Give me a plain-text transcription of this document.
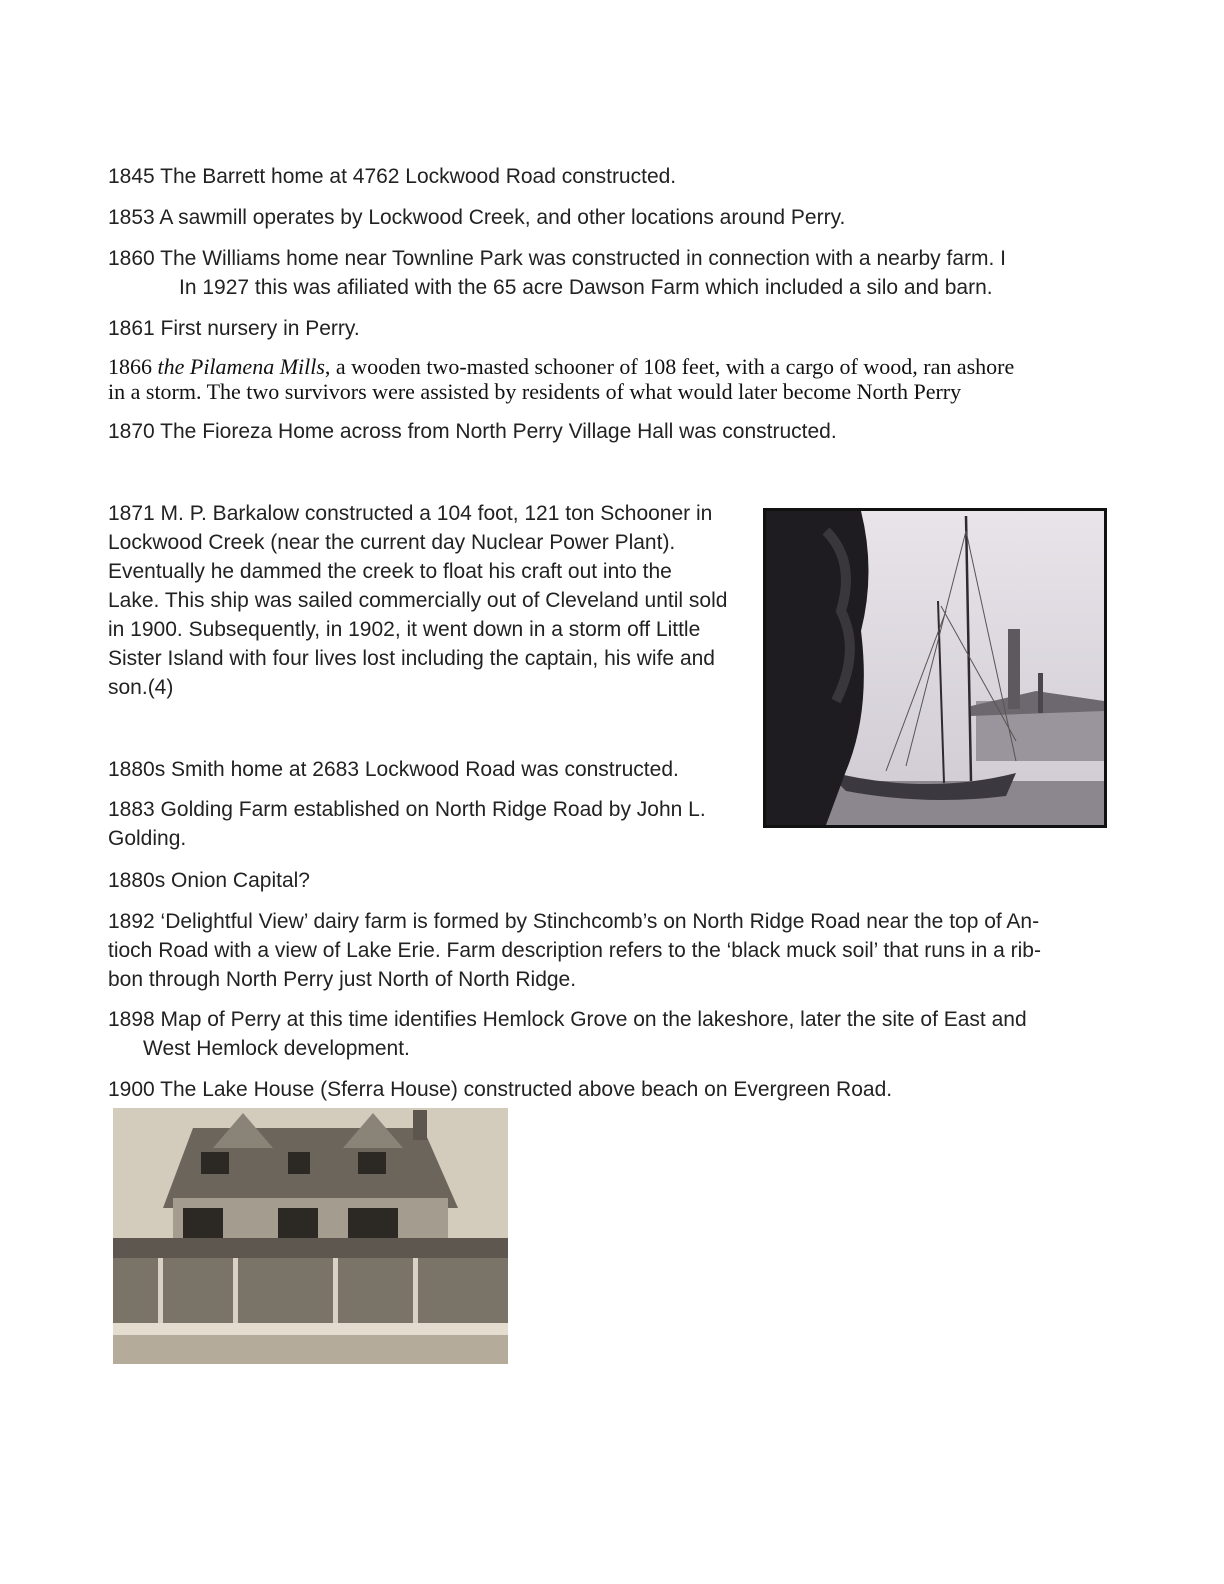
1845 The Barrett home at 4762 Lockwood Road constructed.

1853 A sawmill operates by Lockwood Creek, and other locations around Perry.

1860 The Williams home near Townline Park was constructed in connection with a nearby farm. I
In 1927 this was afiliated with the 65 acre Dawson Farm which included a silo and barn.

1861 First nursery in Perry.

1866 the Pilamena Mills, a wooden two-masted schooner of 108 feet, with a cargo of wood, ran ashore
in a storm. The two survivors were assisted by residents of what would later become North Perry

1870 The Fioreza Home across from North Perry Village Hall was constructed.

1871 M. P. Barkalow constructed a 104 foot, 121 ton Schooner in
Lockwood Creek (near the current day Nuclear Power Plant).
Eventually he dammed the creek to float his craft out into the
Lake. This ship was sailed commercially out of Cleveland until sold
in 1900. Subsequently, in 1902, it went down in a storm off Little
Sister Island with four lives lost including the captain, his wife and
son.(4)

1880s Smith home at 2683 Lockwood Road was constructed.

1883 Golding Farm established on North Ridge Road by John L.
Golding.

1880s Onion Capital?

1892 ‘Delightful View’ dairy farm is formed by Stinchcomb’s on North Ridge Road near the top of An-
tioch Road with a view of Lake Erie. Farm description refers to the ‘black muck soil’ that runs in a rib-
bon through North Perry just North of North Ridge.

1898 Map of Perry at this time identifies Hemlock Grove on the lakeshore, later the site of East and
West Hemlock development.

1900 The Lake House (Sferra House) constructed above beach on Evergreen Road.
